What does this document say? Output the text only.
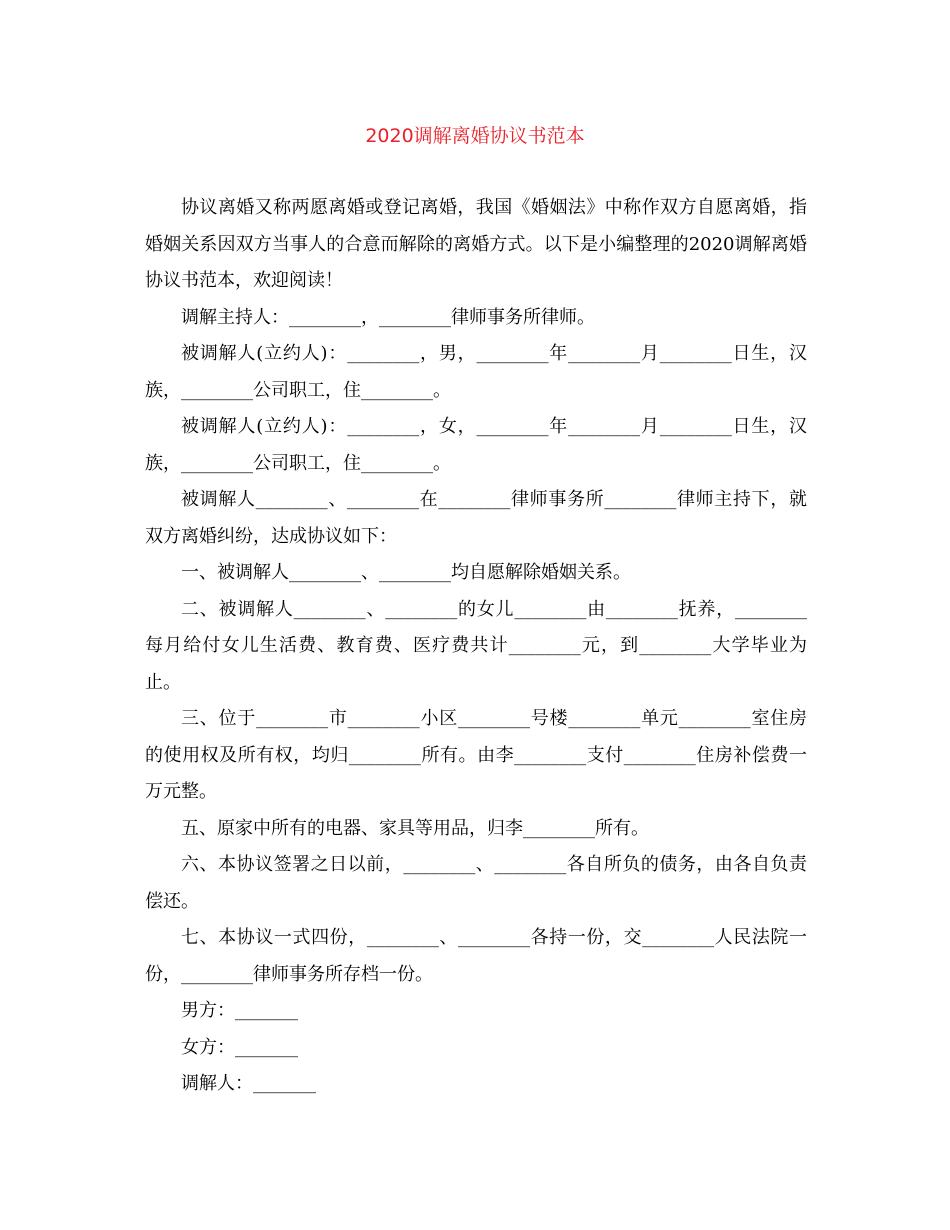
2020调解离婚协议书范本

协议离婚又称两愿离婚或登记离婚，我国《婚姻法》中称作双方自愿离婚，指婚姻关系因双方当事人的合意而解除的离婚方式。以下是小编整理的2020调解离婚协议书范本，欢迎阅读！

调解主持人：________，________律师事务所律师。

被调解人(立约人)：________，男，________年________月________日生，汉族，________公司职工，住________。

被调解人(立约人)：________，女，________年________月________日生，汉族，________公司职工，住________。

被调解人________、________在________律师事务所________律师主持下，就双方离婚纠纷，达成协议如下：

一、被调解人________、________均自愿解除婚姻关系。

二、被调解人________、________的女儿________由________抚养，________每月给付女儿生活费、教育费、医疗费共计________元，到________大学毕业为止。

三、位于________市________小区________号楼________单元________室住房的使用权及所有权，均归________所有。由李________支付________住房补偿费一万元整。

五、原家中所有的电器、家具等用品，归李________所有。

六、本协议签署之日以前，________、________各自所负的债务，由各自负责偿还。

七、本协议一式四份，________、________各持一份，交________人民法院一份，________律师事务所存档一份。

男方：_______

女方：_______

调解人：_______
